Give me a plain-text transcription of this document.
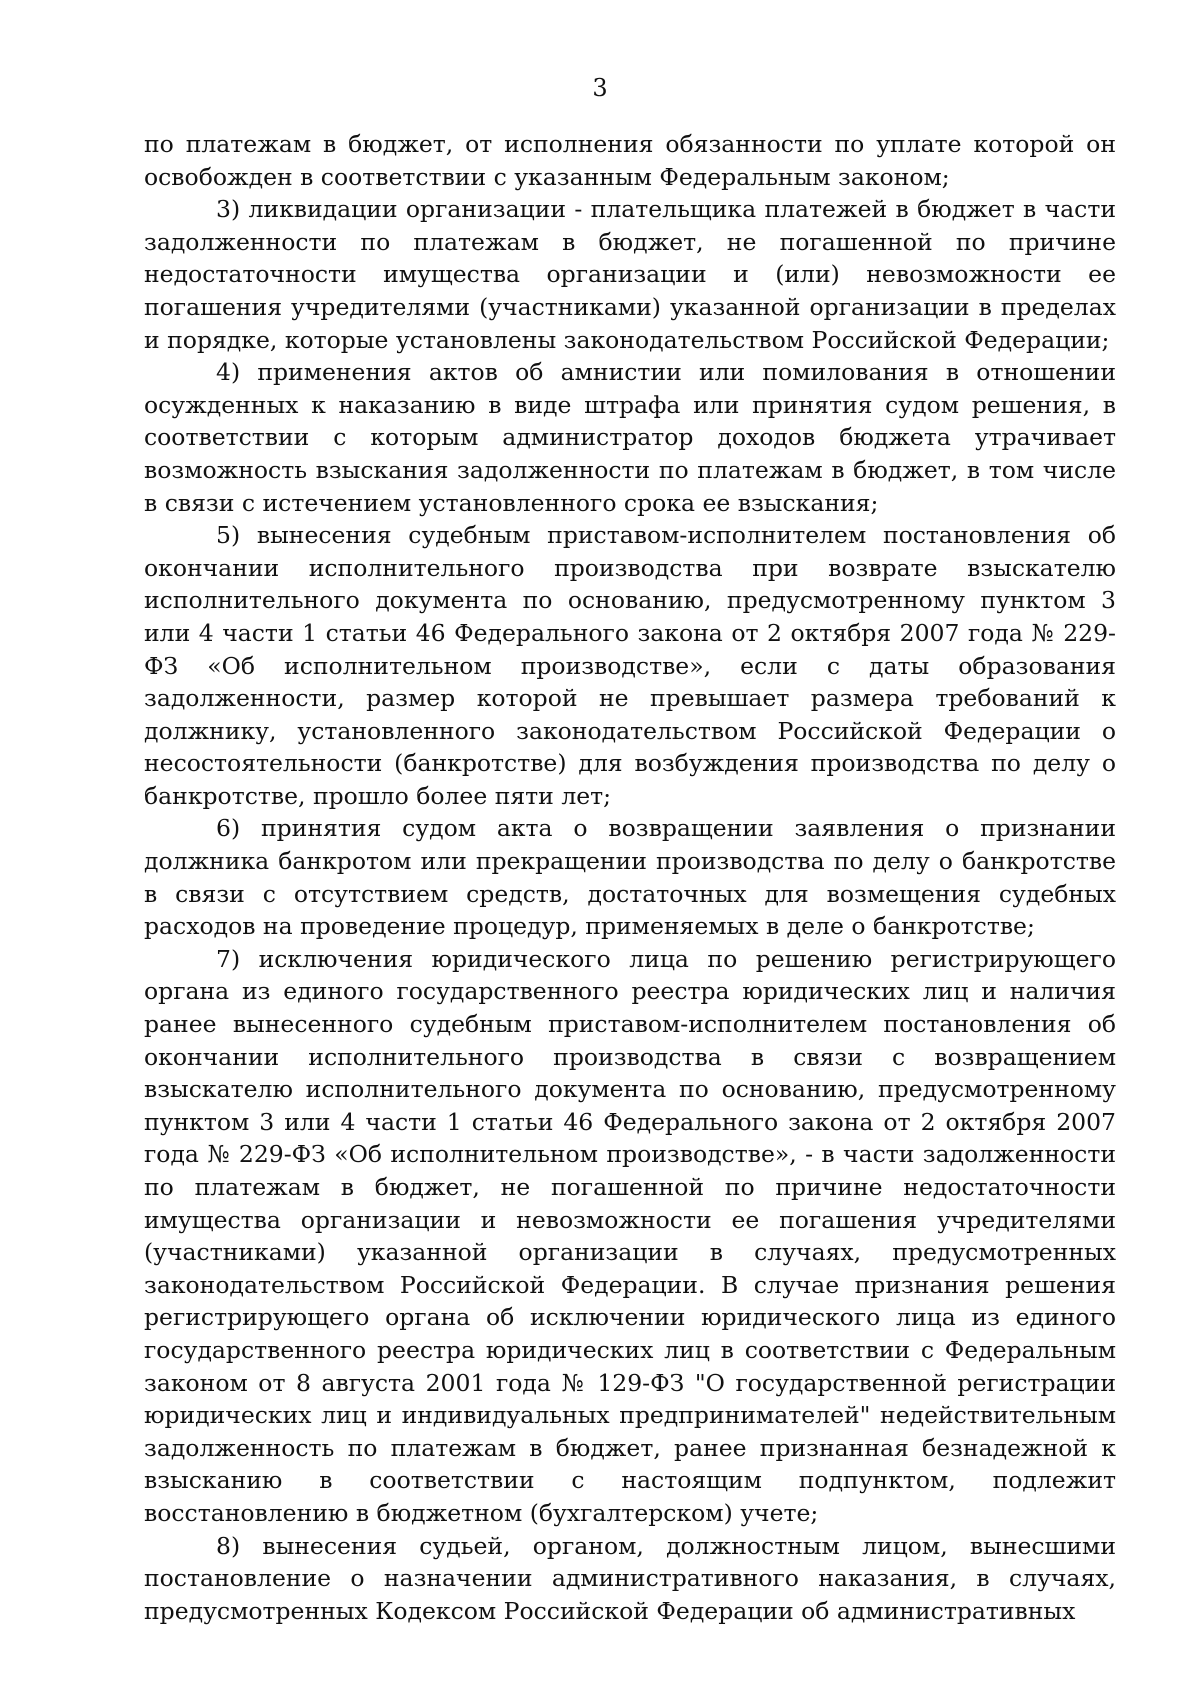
3

по платежам в бюджет, от исполнения обязанности по уплате которой он освобожден в соответствии с указанным Федеральным законом;

3) ликвидации организации - плательщика платежей в бюджет в части задолженности по платежам в бюджет, не погашенной по причине недостаточности имущества организации и (или) невозможности ее погашения учредителями (участниками) указанной организации в пределах и порядке, которые установлены законодательством Российской Федерации;

4) применения актов об амнистии или помилования в отношении осужденных к наказанию в виде штрафа или принятия судом решения, в соответствии с которым администратор доходов бюджета утрачивает возможность взыскания задолженности по платежам в бюджет, в том числе в связи с истечением установленного срока ее взыскания;

5) вынесения судебным приставом-исполнителем постановления об окончании исполнительного производства при возврате взыскателю исполнительного документа по основанию, предусмотренному пунктом 3 или 4 части 1 статьи 46 Федерального закона от 2 октября 2007 года № 229-ФЗ «Об исполнительном производстве», если с даты образования задолженности, размер которой не превышает размера требований к должнику, установленного законодательством Российской Федерации о несостоятельности (банкротстве) для возбуждения производства по делу о банкротстве, прошло более пяти лет;

6) принятия судом акта о возвращении заявления о признании должника банкротом или прекращении производства по делу о банкротстве в связи с отсутствием средств, достаточных для возмещения судебных расходов на проведение процедур, применяемых в деле о банкротстве;

7) исключения юридического лица по решению регистрирующего органа из единого государственного реестра юридических лиц и наличия ранее вынесенного судебным приставом-исполнителем постановления об окончании исполнительного производства в связи с возвращением взыскателю исполнительного документа по основанию, предусмотренному пунктом 3 или 4 части 1 статьи 46 Федерального закона от 2 октября 2007 года № 229-ФЗ «Об исполнительном производстве», - в части задолженности по платежам в бюджет, не погашенной по причине недостаточности имущества организации и невозможности ее погашения учредителями (участниками) указанной организации в случаях, предусмотренных законодательством Российской Федерации. В случае признания решения регистрирующего органа об исключении юридического лица из единого государственного реестра юридических лиц в соответствии с Федеральным законом от 8 августа 2001 года № 129-ФЗ "О государственной регистрации юридических лиц и индивидуальных предпринимателей" недействительным задолженность по платежам в бюджет, ранее признанная безнадежной к взысканию в соответствии с настоящим подпунктом, подлежит восстановлению в бюджетном (бухгалтерском) учете;

8) вынесения судьей, органом, должностным лицом, вынесшими постановление о назначении административного наказания, в случаях, предусмотренных Кодексом Российской Федерации об административных
